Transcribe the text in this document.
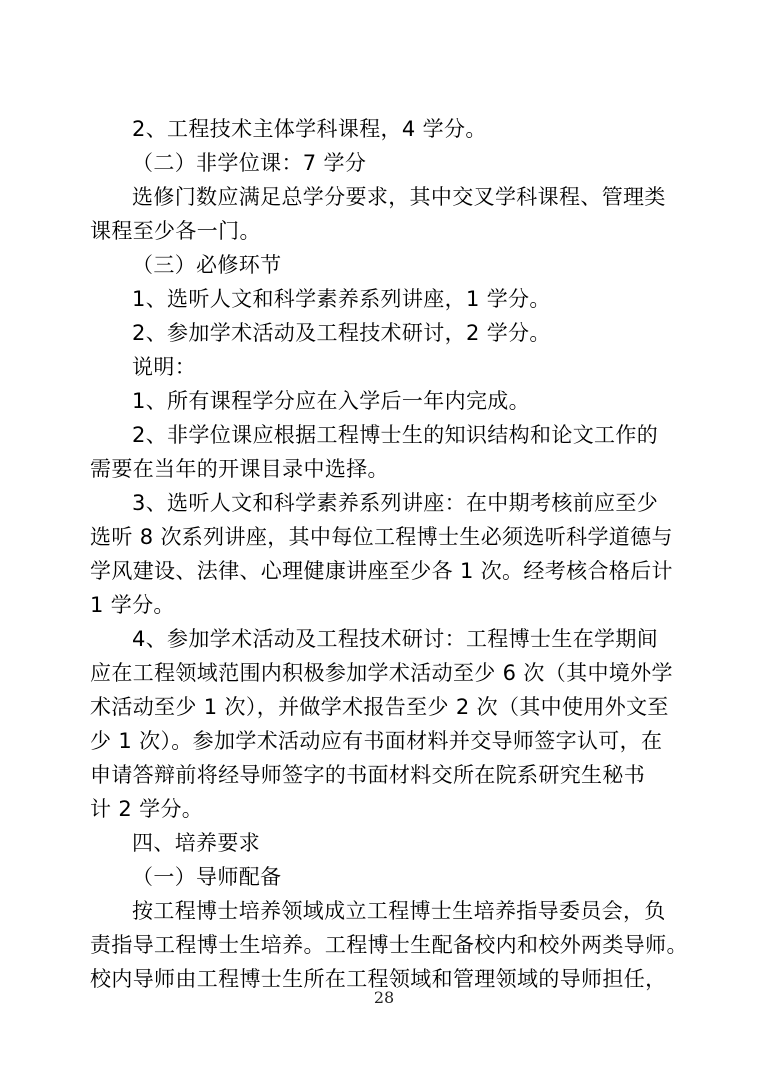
2、工程技术主体学科课程，4 学分。
（二）非学位课：7 学分
选修门数应满足总学分要求，其中交叉学科课程、管理类
课程至少各一门。
（三）必修环节
1、选听人文和科学素养系列讲座，1 学分。
2、参加学术活动及工程技术研讨，2 学分。
说明：
1、所有课程学分应在入学后一年内完成。
2、非学位课应根据工程博士生的知识结构和论文工作的
需要在当年的开课目录中选择。
3、选听人文和科学素养系列讲座：在中期考核前应至少
选听 8 次系列讲座，其中每位工程博士生必须选听科学道德与
学风建设、法律、心理健康讲座至少各 1 次。经考核合格后计
1 学分。
4、参加学术活动及工程技术研讨：工程博士生在学期间
应在工程领域范围内积极参加学术活动至少 6 次（其中境外学
术活动至少 1 次），并做学术报告至少 2 次（其中使用外文至
少 1 次）。参加学术活动应有书面材料并交导师签字认可，在
申请答辩前将经导师签字的书面材料交所在院系研究生秘书
计 2 学分。
四、培养要求
（一）导师配备
按工程博士培养领域成立工程博士生培养指导委员会，负
责指导工程博士生培养。工程博士生配备校内和校外两类导师。
校内导师由工程博士生所在工程领域和管理领域的导师担任，
28
